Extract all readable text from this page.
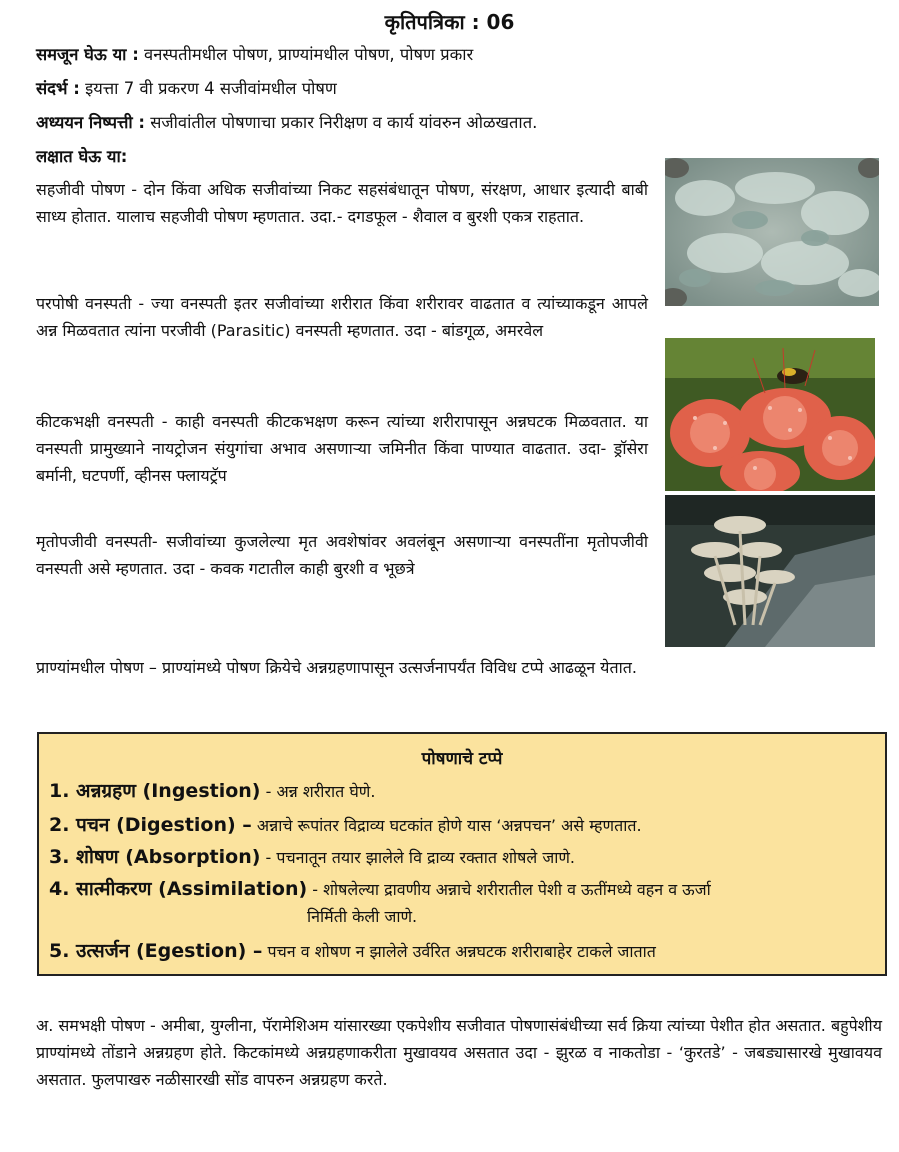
कृतिपत्रिका : 06
समजून घेऊ या : वनस्पतीमधील पोषण, प्राण्यांमधील पोषण, पोषण प्रकार
संदर्भ : इयत्ता 7 वी प्रकरण 4 सजीवांमधील पोषण
अध्ययन निष्पत्ती : सजीवांतील पोषणाचा प्रकार निरीक्षण व कार्य यांवरुन ओळखतात.
लक्षात घेऊ या:
सहजीवी पोषण - दोन किंवा अधिक सजीवांच्या निकट सहसंबंधातून पोषण, संरक्षण, आधार इत्यादी बाबी साध्य होतात. यालाच सहजीवी पोषण म्हणतात. उदा.- दगडफूल - शैवाल व बुरशी एकत्र राहतात.
परपोषी वनस्पती - ज्या वनस्पती इतर सजीवांच्या शरीरात किंवा शरीरावर वाढतात व त्यांच्याकडून आपले अन्न मिळवतात त्यांना परजीवी (Parasitic) वनस्पती म्हणतात. उदा - बांडगूळ, अमरवेल
कीटकभक्षी वनस्पती - काही वनस्पती कीटकभक्षण करून त्यांच्या शरीरापासून अन्नघटक मिळवतात. या वनस्पती प्रामुख्याने नायट्रोजन संयुगांचा अभाव असणाऱ्या जमिनीत किंवा पाण्यात वाढतात. उदा- ड्रॉसेरा बर्मानी, घटपर्णी, व्हीनस फ्लायट्रॅप
मृतोपजीवी वनस्पती- सजीवांच्या कुजलेल्या मृत अवशेषांवर अवलंबून असणाऱ्या वनस्पतींना मृतोपजीवी वनस्पती असे म्हणतात. उदा - कवक गटातील काही बुरशी व भूछत्रे
प्राण्यांमधील पोषण – प्राण्यांमध्ये पोषण क्रियेचे अन्नग्रहणापासून उत्सर्जनापर्यंत विविध टप्पे आढळून येतात.
पोषणाचे टप्पे
1. अन्नग्रहण (Ingestion) - अन्न शरीरात घेणे.
2. पचन (Digestion) – अन्नाचे रूपांतर विद्राव्य घटकांत होणे यास ‘अन्नपचन’ असे म्हणतात.
3. शोषण (Absorption) - पचनातून तयार झालेले वि द्राव्य रक्तात शोषले जाणे.
4. सात्मीकरण (Assimilation) - शोषलेल्या द्रावणीय अन्नाचे शरीरातील पेशी व ऊतींमध्ये वहन व ऊर्जा
निर्मिती केली जाणे.
5. उत्सर्जन (Egestion) – पचन व शोषण न झालेले उर्वरित अन्नघटक शरीराबाहेर टाकले जातात
अ. समभक्षी पोषण - अमीबा, युग्लीना, पॅरामेशिअम यांसारख्या एकपेशीय सजीवात पोषणासंबंधीच्या सर्व क्रिया त्यांच्या पेशीत होत असतात. बहुपेशीय प्राण्यांमध्ये तोंडाने अन्नग्रहण होते. किटकांमध्ये अन्नग्रहणाकरीता मुखावयव असतात उदा - झुरळ व नाकतोडा - ‘कुरतडे’ - जबड्यासारखे मुखावयव असतात. फुलपाखरु नळीसारखी सोंड वापरुन अन्नग्रहण करते.
